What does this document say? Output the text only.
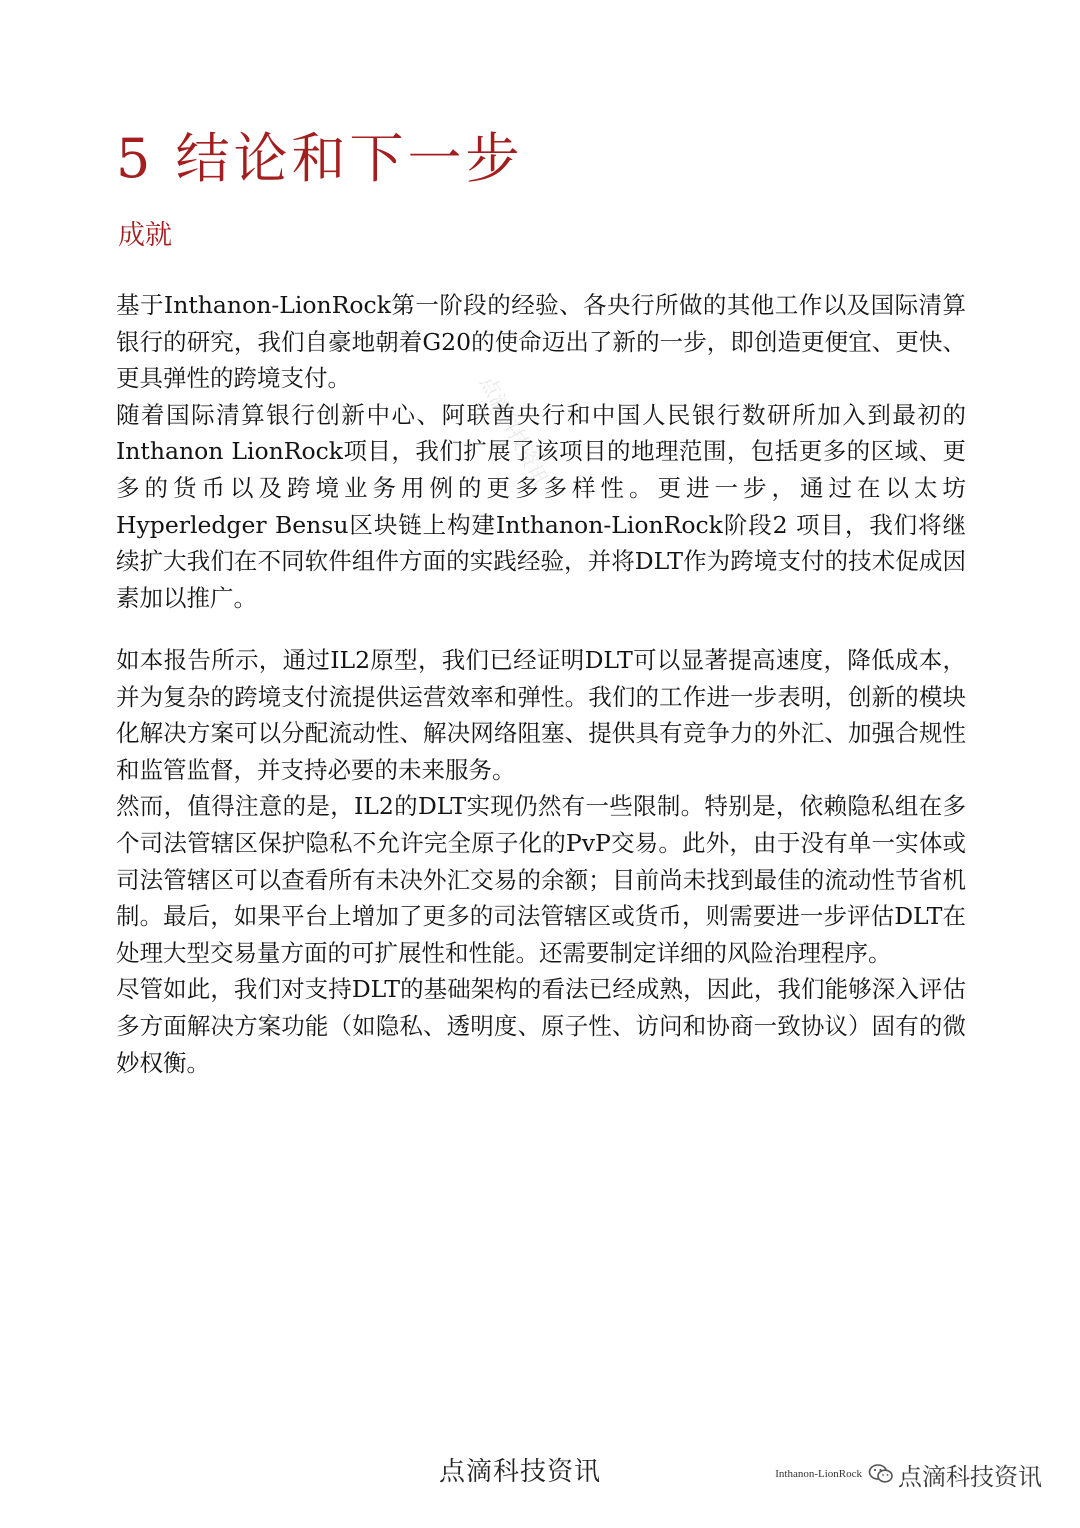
5 结论和下一步
成就
点滴科技资讯

基于Inthanon-LionRock第一阶段的经验、各央行所做的其他工作以及国际清算银行的研究，我们自豪地朝着G20的使命迈出了新的一步，即创造更便宜、更快、更具弹性的跨境支付。

随着国际清算银行创新中心、阿联酋央行和中国人民银行数研所加入到最初的Inthanon LionRock项目，我们扩展了该项目的地理范围，包括更多的区域、更多的货币以及跨境业务用例的更多多样性。更进一步，通过在以太坊Hyperledger Bensu区块链上构建Inthanon-LionRock阶段2 项目，我们将继续扩大我们在不同软件组件方面的实践经验，并将DLT作为跨境支付的技术促成因素加以推广。

如本报告所示，通过IL2原型，我们已经证明DLT可以显著提高速度，降低成本，并为复杂的跨境支付流提供运营效率和弹性。我们的工作进一步表明，创新的模块化解决方案可以分配流动性、解决网络阻塞、提供具有竞争力的外汇、加强合规性和监管监督，并支持必要的未来服务。

然而，值得注意的是，IL2的DLT实现仍然有一些限制。特别是，依赖隐私组在多个司法管辖区保护隐私不允许完全原子化的PvP交易。此外，由于没有单一实体或司法管辖区可以查看所有未决外汇交易的余额；目前尚未找到最佳的流动性节省机制。最后，如果平台上增加了更多的司法管辖区或货币，则需要进一步评估DLT在处理大型交易量方面的可扩展性和性能。还需要制定详细的风险治理程序。

尽管如此，我们对支持DLT的基础架构的看法已经成熟，因此，我们能够深入评估多方面解决方案功能（如隐私、透明度、原子性、访问和协商一致协议）固有的微妙权衡。

点滴科技资讯	Inthanon-LionRock 点滴科技资讯
